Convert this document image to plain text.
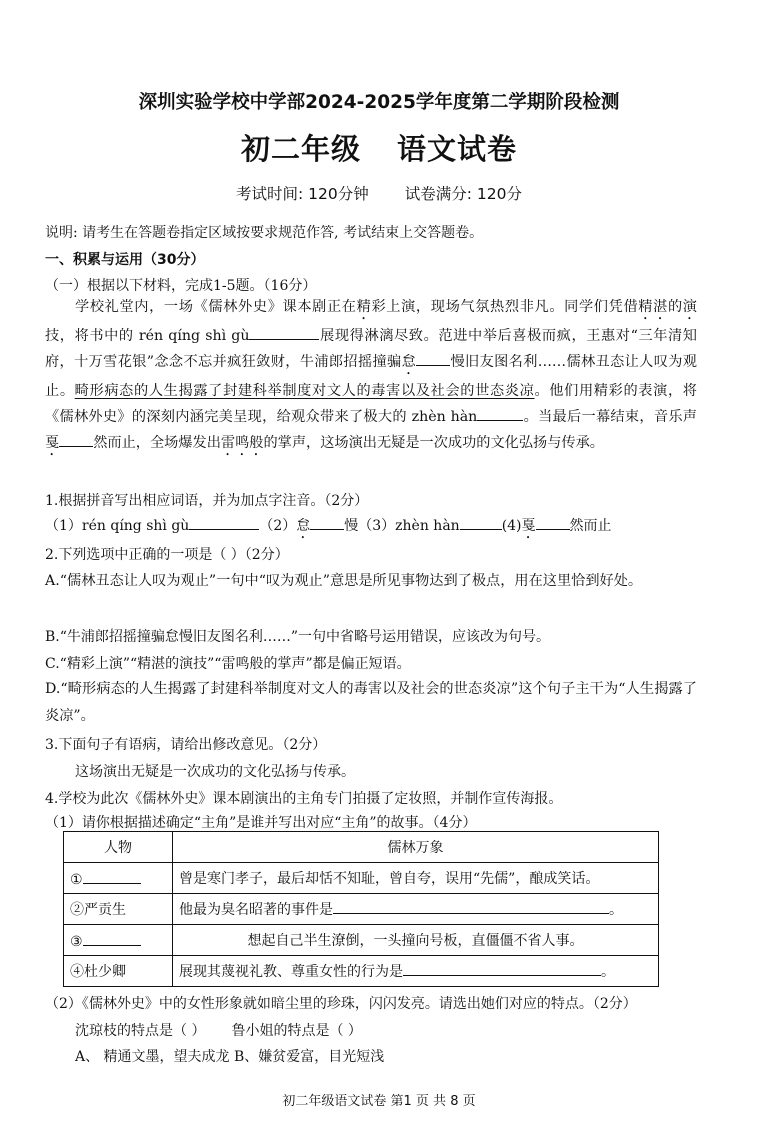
深圳实验学校中学部2024-2025学年度第二学期阶段检测
初二年级 语文试卷
考试时间: 120分钟 试卷满分: 120分
说明: 请考生在答题卷指定区域按要求规范作答, 考试结束上交答题卷。
一、积累与运用（30分）
（一）根据以下材料，完成1-5题。（16分）
学校礼堂内，一场《儒林外史》课本剧正在精彩上演，现场气氛热烈非凡。同学们凭借精湛的演技，将书中的 rén qíng shì gù	展现得淋漓尽致。范进中举后喜极而疯，王惠对“三年清知府，十万雪花银”念念不忘并疯狂敛财，牛浦郎招摇撞骗怠 慢旧友图名利……儒林丑态让人叹为观止。畸形病态的人生揭露了封建科举制度对文人的毒害以及社会的世态炎凉。他们用精彩的表演，将《儒林外史》的深刻内涵完美呈现，给观众带来了极大的 zhèn hàn	。当最后一幕结束，音乐声戛 然而止，全场爆发出雷鸣般的掌声，这场演出无疑是一次成功的文化弘扬与传承。
1.根据拼音写出相应词语，并为加点字注音。（2分）
（1）rén qíng shì gù	（2）怠 慢（3）zhèn hàn	(4)戛 然而止
2.下列选项中正确的一项是（ ）（2分）
A.“儒林丑态让人叹为观止”一句中“叹为观止”意思是所见事物达到了极点，用在这里恰到好处。
B.“牛浦郎招摇撞骗怠慢旧友图名利……”一句中省略号运用错误，应该改为句号。
C.“精彩上演”“精湛的演技”“雷鸣般的掌声”都是偏正短语。
D.“畸形病态的人生揭露了封建科举制度对文人的毒害以及社会的世态炎凉”这个句子主干为“人生揭露了炎凉”。
3.下面句子有语病，请给出修改意见。（2分）
这场演出无疑是一次成功的文化弘扬与传承。
4.学校为此次《儒林外史》课本剧演出的主角专门拍摄了定妆照，并制作宣传海报。
（1）请你根据描述确定“主角”是谁并写出对应“主角”的故事。（4分）
人物	儒林万象
①	曾是寒门孝子，最后却恬不知耻，曾自夸，误用“先儒”，酿成笑话。
②严贡生	他最为臭名昭著的事件是 。
③	想起自己半生潦倒，一头撞向号板，直僵僵不省人事。
④杜少卿	展现其蔑视礼教、尊重女性的行为是 。
（2）《儒林外史》中的女性形象就如暗尘里的珍珠，闪闪发亮。请选出她们对应的特点。（2分）
沈琼枝的特点是（ ） 鲁小姐的特点是（ ）
A、 精通文墨，望夫成龙 B、嫌贫爱富，目光短浅
初二年级语文试卷 第1 页 共 8 页
